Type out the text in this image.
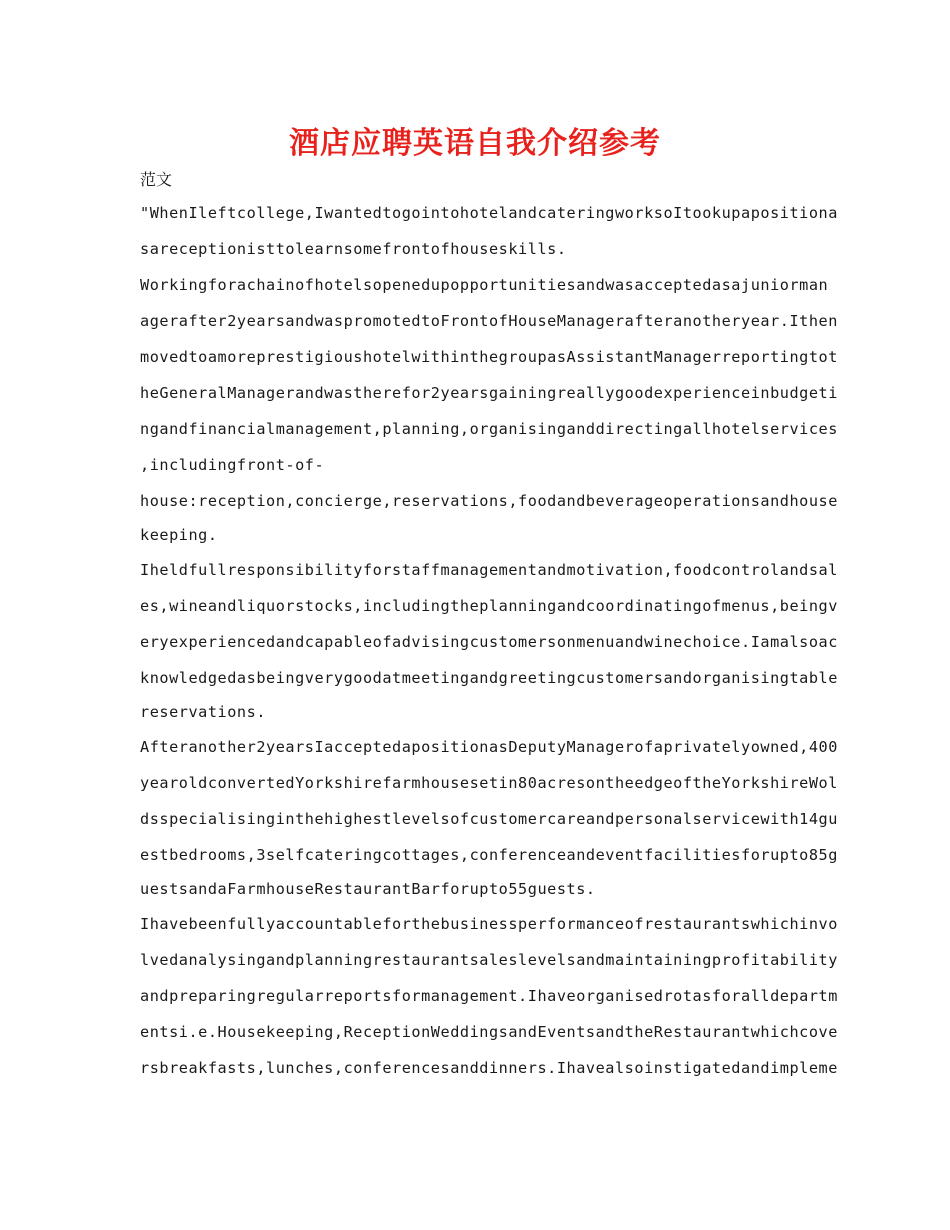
酒店应聘英语自我介绍参考
范文
"WhenIleftcollege,IwantedtogointohotelandcateringworksoItookupapositiona
sareceptionisttolearnsomefrontofhouseskills.
Workingforachainofhotelsopenedupopportunitiesandwasacceptedasajuniorman
agerafter2yearsandwaspromotedtoFrontofHouseManagerafteranotheryear.Ithen
movedtoamoreprestigioushotelwithinthegroupasAssistantManagerreportingtot
heGeneralManagerandwastherefor2yearsgainingreallygoodexperienceinbudgeti
ngandfinancialmanagement,planning,organisinganddirectingallhotelservices
,includingfront-of-
house:reception,concierge,reservations,foodandbeverageoperationsandhouse
keeping.
Iheldfullresponsibilityforstaffmanagementandmotivation,foodcontrolandsal
es,wineandliquorstocks,includingtheplanningandcoordinatingofmenus,beingv
eryexperiencedandcapableofadvisingcustomersonmenuandwinechoice.Iamalsoac
knowledgedasbeingverygoodatmeetingandgreetingcustomersandorganisingtable
reservations.
Afteranother2yearsIacceptedapositionasDeputyManagerofaprivatelyowned,400
yearoldconvertedYorkshirefarmhousesetin80acresontheedgeoftheYorkshireWol
dsspecialisinginthehighestlevelsofcustomercareandpersonalservicewith14gu
estbedrooms,3selfcateringcottages,conferenceandeventfacilitiesforupto85g
uestsandaFarmhouseRestaurantBarforupto55guests.
Ihavebeenfullyaccountableforthebusinessperformanceofrestaurantswhichinvo
lvedanalysingandplanningrestaurantsaleslevelsandmaintainingprofitability
andpreparingregularreportsformanagement.Ihaveorganisedrotasforalldepartm
entsi.e.Housekeeping,ReceptionWeddingsandEventsandtheRestaurantwhichcove
rsbreakfasts,lunches,conferencesanddinners.Ihavealsoinstigatedandimpleme
